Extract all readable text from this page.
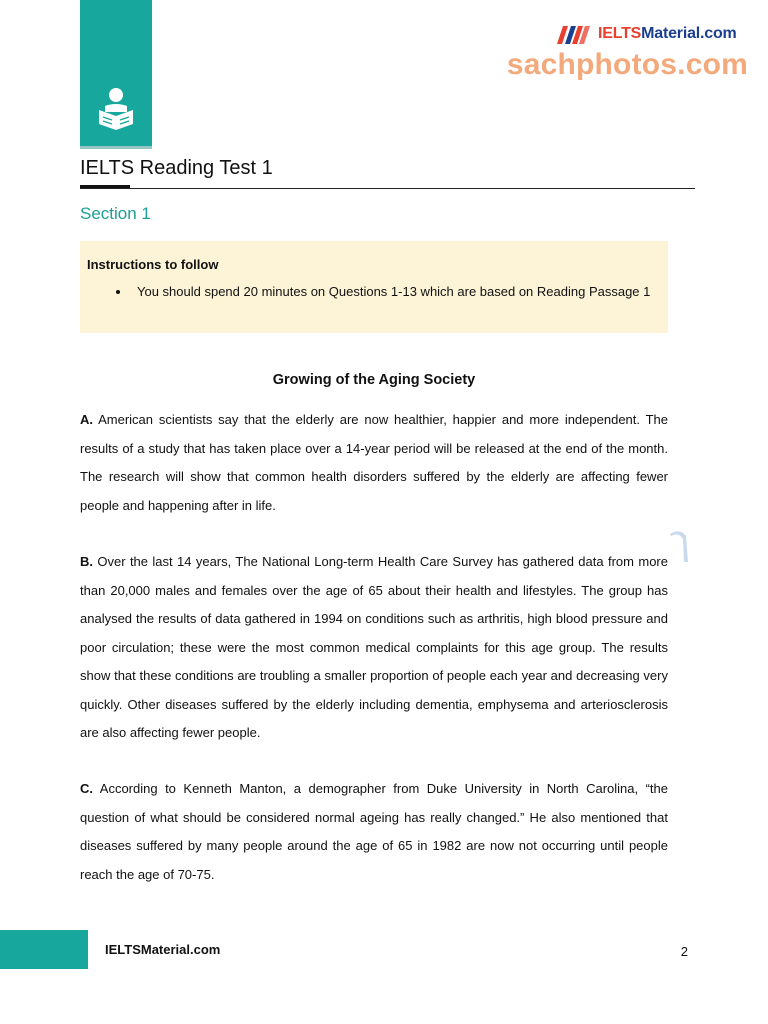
IELTSMaterial.com
sachphotos.com
IELTS Reading Test 1
Section 1

Instructions to follow

• You should spend 20 minutes on Questions 1-13 which are based on Reading Passage 1
Growing of the Aging Society

A. American scientists say that the elderly are now healthier, happier and more independent. The results of a study that has taken place over a 14-year period will be released at the end of the month. The research will show that common health disorders suffered by the elderly are affecting fewer people and happening after in life.

B. Over the last 14 years, The National Long-term Health Care Survey has gathered data from more than 20,000 males and females over the age of 65 about their health and lifestyles. The group has analysed the results of data gathered in 1994 on conditions such as arthritis, high blood pressure and poor circulation; these were the most common medical complaints for this age group. The results show that these conditions are troubling a smaller proportion of people each year and decreasing very quickly. Other diseases suffered by the elderly including dementia, emphysema and arteriosclerosis are also affecting fewer people.

C. According to Kenneth Manton, a demographer from Duke University in North Carolina, “the question of what should be considered normal ageing has really changed.” He also mentioned that diseases suffered by many people around the age of 65 in 1982 are now not occurring until people reach the age of 70-75.

IELTSMaterial.com	2
